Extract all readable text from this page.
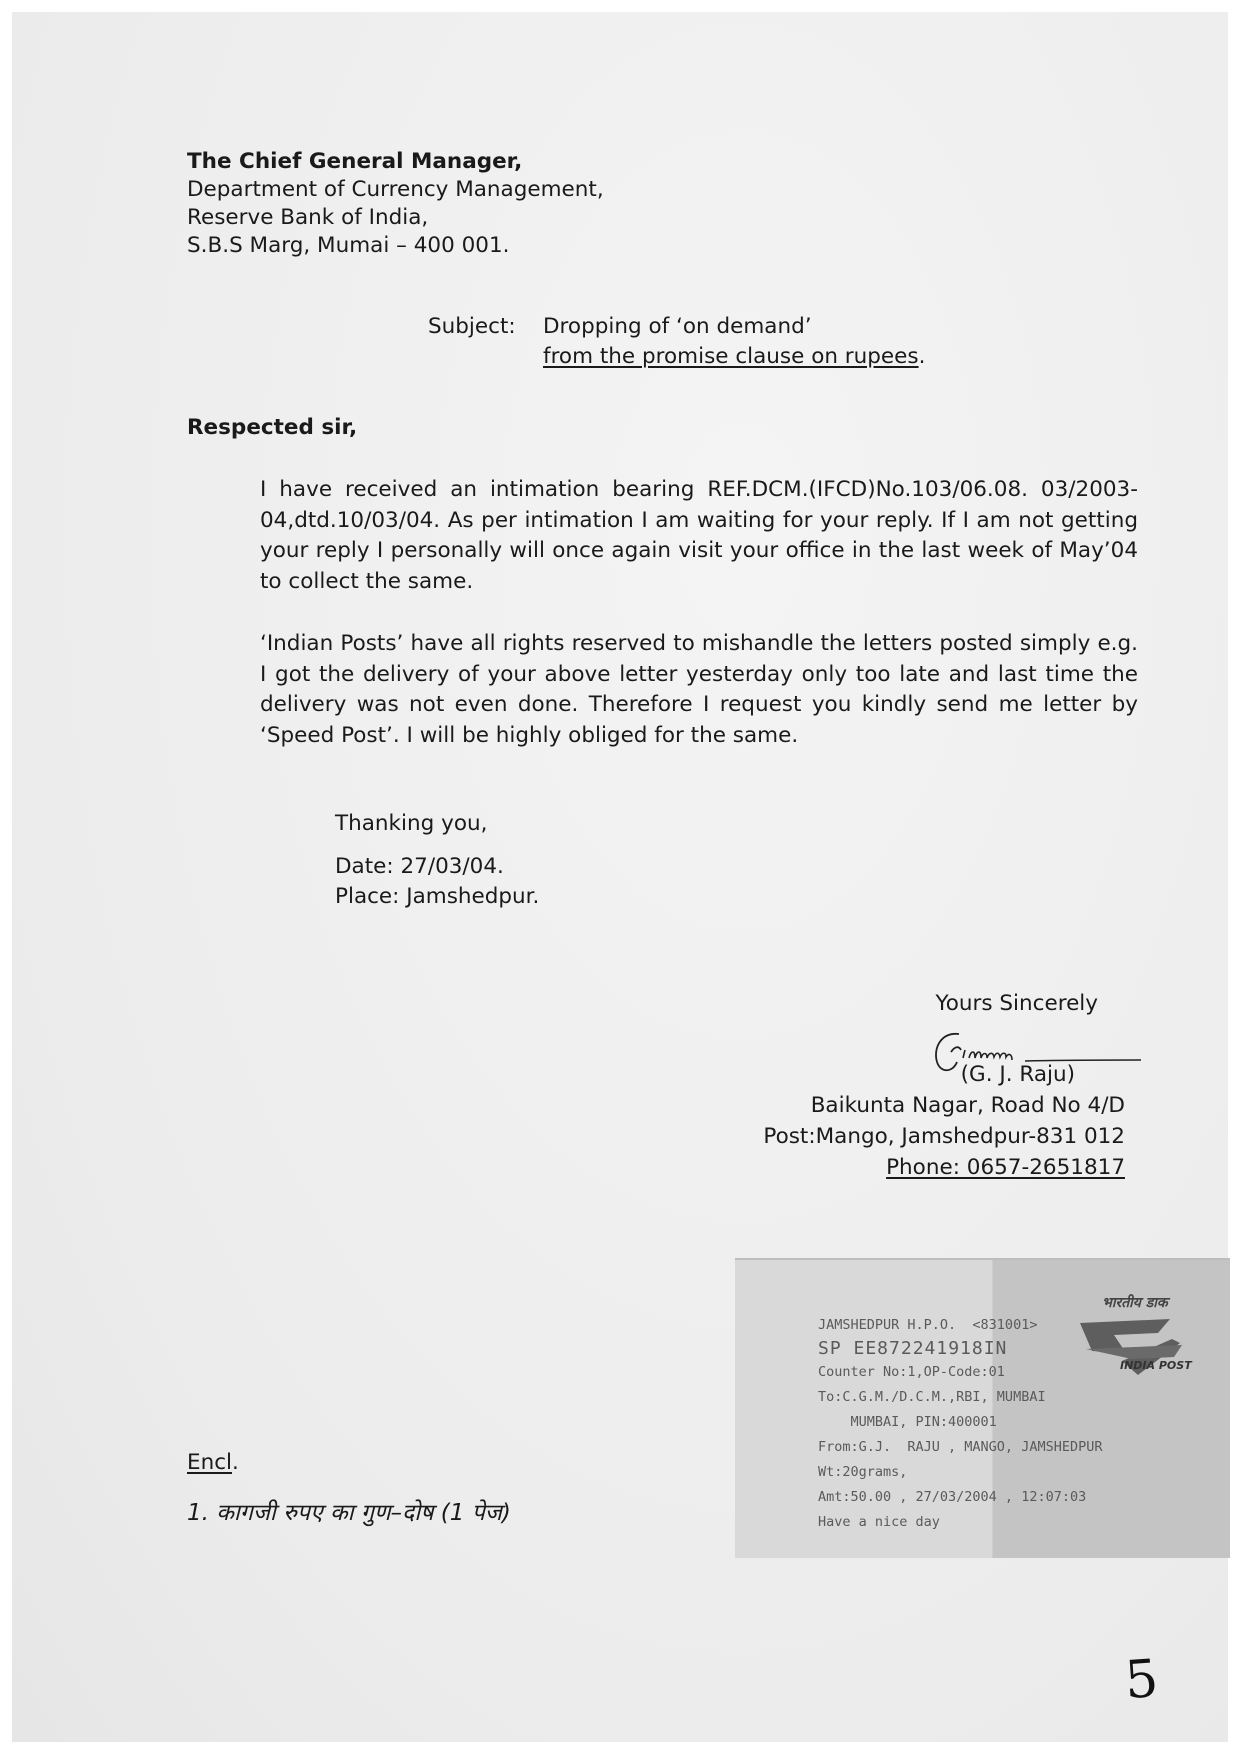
The Chief General Manager,
Department of Currency Management,
Reserve Bank of India,
S.B.S Marg, Mumai – 400 001.
Subject: Dropping of ‘on demand’
from the promise clause on rupees.
Respected sir,

I have received an intimation bearing REF.DCM.(IFCD)No.103/06.08. 03/2003-04,dtd.10/03/04. As per intimation I am waiting for your reply. If I am not getting your reply I personally will once again visit your office in the last week of May’04 to collect the same.

‘Indian Posts’ have all rights reserved to mishandle the letters posted simply e.g. I got the delivery of your above letter yesterday only too late and last time the delivery was not even done. Therefore I request you kindly send me letter by ‘Speed Post’. I will be highly obliged for the same.

Thanking you,
Date: 27/03/04.
Place: Jamshedpur.
Yours Sincerely
(G. J. Raju)
Baikunta Nagar, Road No 4/D
Post:Mango, Jamshedpur-831 012
Phone: 0657-2651817
Encl.
1. कागजी रुपए का गुण–दोष (1 पेज)
JAMSHEDPUR H.P.O.  <831001>
SP EE872241918IN
Counter No:1,OP-Code:01
To:C.G.M./D.C.M.,RBI, MUMBAI
MUMBAI, PIN:400001
From:G.J.  RAJU , MANGO, JAMSHEDPUR
Wt:20grams,
Amt:50.00 , 27/03/2004 , 12:07:03
Have a nice day
भारतीय डाक
INDIA POST
5
